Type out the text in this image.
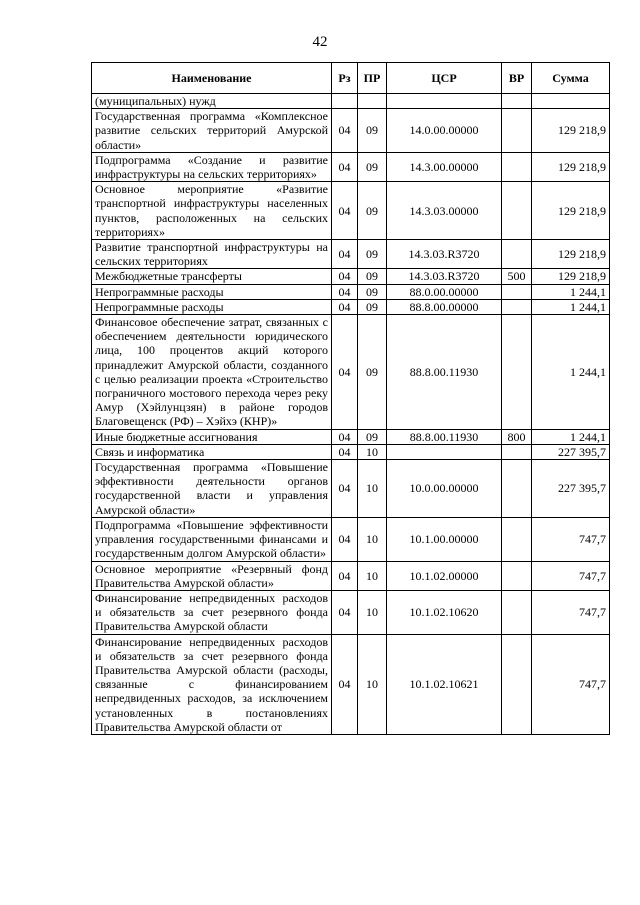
42
Наименование	Рз	ПР	ЦСР	ВР	Сумма
(муниципальных) нужд					
Государственная программа «Комплексное развитие сельских территорий Амурской области»	04	09	14.0.00.00000		129 218,9
Подпрограмма «Создание и развитие инфраструктуры на сельских территориях»	04	09	14.3.00.00000		129 218,9
Основное мероприятие «Развитие транспортной инфраструктуры населенных пунктов, расположенных на сельских территориях»	04	09	14.3.03.00000		129 218,9
Развитие транспортной инфраструктуры на сельских территориях	04	09	14.3.03.R3720		129 218,9
Межбюджетные трансферты	04	09	14.3.03.R3720	500	129 218,9
Непрограммные расходы	04	09	88.0.00.00000		1 244,1
Непрограммные расходы	04	09	88.8.00.00000		1 244,1
Финансовое обеспечение затрат, связанных с обеспечением деятельности юридического лица, 100 процентов акций которого принадлежит Амурской области, созданного с целью реализации проекта «Строительство пограничного мостового перехода через реку Амур (Хэйлунцзян) в районе городов Благовещенск (РФ) – Хэйхэ (КНР)»	04	09	88.8.00.11930		1 244,1
Иные бюджетные ассигнования	04	09	88.8.00.11930	800	1 244,1
Связь и информатика	04	10			227 395,7
Государственная программа «Повышение эффективности деятельности органов государственной власти и управления Амурской области»	04	10	10.0.00.00000		227 395,7
Подпрограмма «Повышение эффективности управления государственными финансами и государственным долгом Амурской области»	04	10	10.1.00.00000		747,7
Основное мероприятие «Резервный фонд Правительства Амурской области»	04	10	10.1.02.00000		747,7
Финансирование непредвиденных расходов и обязательств за счет резервного фонда Правительства Амурской области	04	10	10.1.02.10620		747,7
Финансирование непредвиденных расходов и обязательств за счет резервного фонда Правительства Амурской области (расходы, связанные с финансированием непредвиденных расходов, за исключением установленных в постановлениях Правительства Амурской области от	04	10	10.1.02.10621		747,7
